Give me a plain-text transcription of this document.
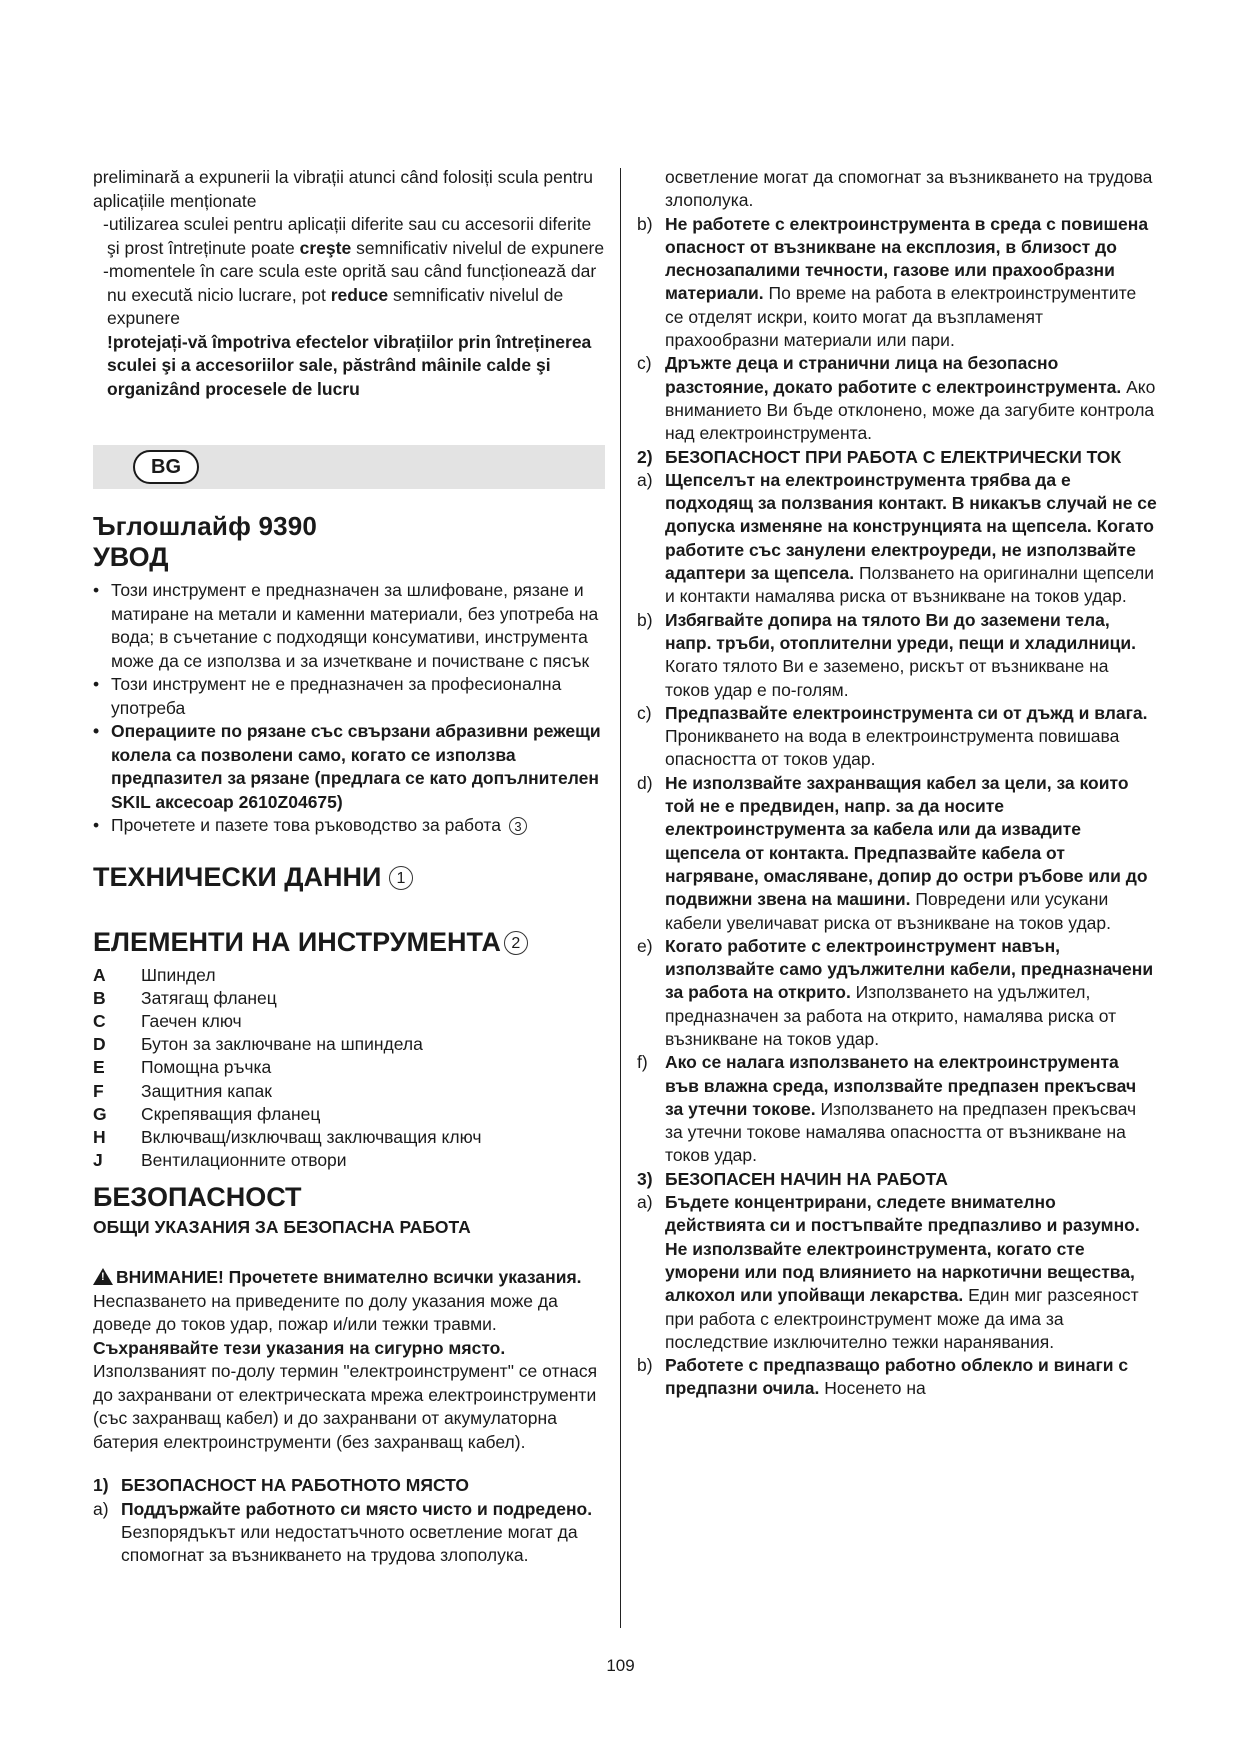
preliminară a expunerii la vibrații atunci când folosiți sculа pentru aplicațiile menționate

-utilizarea sculei pentru aplicații diferite sau cu accesorii diferite şi prost întreținute poate creşte semnificativ nivelul de expunere

-momentele în care scula este oprită sau când funcționează dar nu execută nicio lucrare, pot reduce semnificativ nivelul de expunere

!protejați-vă împotriva efectelor vibrațiilor prin întreținerea sculei şi a accesoriilor sale, păstrând mâinile calde şi organizând procesele de lucru

BG
Ъглошлайф 9390
УВОД
• Този инструмент е предназначен за шлифоване, рязане и матиране на метали и каменни материали, без употреба на вода; в съчетание с подходящи консумативи, инструмента може да се използва и за изчеткване и почистване с пясък
• Този инструмент не е предназначен за професионална употреба
• Операциите по рязане със свързани абразивни режещи колела са позволени само, когато се използва предпазител за рязане (предлага се като допълнителен SKIL аксесоар 2610Z04675)
• Прочетете и пазете това ръководство за работа 3
ТЕХНИЧЕСКИ ДАННИ 1
ЕЛЕМЕНТИ НА ИНСТРУМЕНТА 2
A	Шпиндел
B	Затягащ фланец
C	Гаечен ключ
D	Бутон за заключване на шпиндела
E	Помощна ръчка
F	Защитния капак
G	Скрепяващия фланец
H	Включващ/изключващ заключващия ключ
J	Вентилационните отвори
БЕЗОПАСНОСТ
ОБЩИ УКАЗАНИЯ ЗА БЕЗОПАСНА РАБОТА

! ВНИМАНИЕ! Прочетете внимателно всички указания. Неспазването на приведените по долу указания може да доведе до токов удар, пожар и/или тежки травми. Съхранявайте тези указания на сигурно място. Използваният по-долу термин "електроинструмент" се отнася до захранвани от електрическата мрежа електроинструменти (със захранващ кабел) и до захранвани от акумулаторна батерия електроинструменти (без захранващ кабел).

1) БЕЗОПАСНОСТ НА РАБОТНОТО МЯСТО
a) Поддържайте работното си място чисто и подредено. Безпорядъкът или недостатъчното осветление могат да спомогнат за възникването на трудова злополука.
осветление могат да спомогнат за възникването на трудова злополука.
b) Не работете с електроинструмента в среда с повишена опасност от възникване на експлозия, в близост до леснозапалими течности, газове или прахообразни материали. По време на работа в електроинструментите се отделят искри, които могат да възпламенят прахообразни материали или пари.
c) Дръжте деца и странични лица на безопасно разстояние, докато работите с електроинструмента. Ако вниманието Ви бъде отклонено, може да загубите контрола над електроинструмента.
2) БЕЗОПАСНОСТ ПРИ РАБОТА С ЕЛЕКТРИЧЕСКИ ТОК
a) Щепселът на електроинструмента трябва да е подходящ за ползвания контакт. В никакъв случай не се допуска изменяне на конструнцията на щепсела. Когато работите със занулени електроуреди, не използвайте адаптери за щепсела. Ползването на оригинални щепсели и контакти намалява риска от възникване на токов удар.
b) Избягвайте допира на тялото Ви до заземени тела, напр. тръби, отоплителни уреди, пещи и хладилници. Когато тялото Ви е заземено, рискът от възникване на токов удар е по-голям.
c) Предпазвайте електроинструмента си от дъжд и влага. Проникването на вода в електроинструмента повишава опасността от токов удар.
d) Не използвайте захранващия кабел за цели, за които той не е предвиден, напр. за да носите електроинструмента за кабела или да извадите щепсела от контакта. Предпазвайте кабела от нагряване, омасляване, допир до остри ръбове или до подвижни звена на машини. Повредени или усукани кабели увеличават риска от възникване на токов удар.
e) Когато работите с електроинструмент навън, използвайте само удължителни кабели, предназначени за работа на открито. Използването на удължител, предназначен за работа на открито, намалява риска от възникване на токов удар.
f) Ако се налага използването на електроинструмента във влажна среда, използвайте предпазен прекъсвач за утечни токове. Използването на предпазен прекъсвач за утечни токове намалява опасността от възникване на токов удар.
3) БЕЗОПАСЕН НАЧИН НА РАБОТА
a) Бъдете концентрирани, следете внимателно действията си и постъпвайте предпазливо и разумно. Не използвайте електроинструмента, когато сте уморени или под влиянието на наркотични вещества, алкохол или упойващи лекарства. Един миг разсеяност при работа с електроинструмент може да има за последствие изключително тежки наранявания.
b) Работете с предпазващо работно облекло и винаги с предпазни очила. Носенето на
109
